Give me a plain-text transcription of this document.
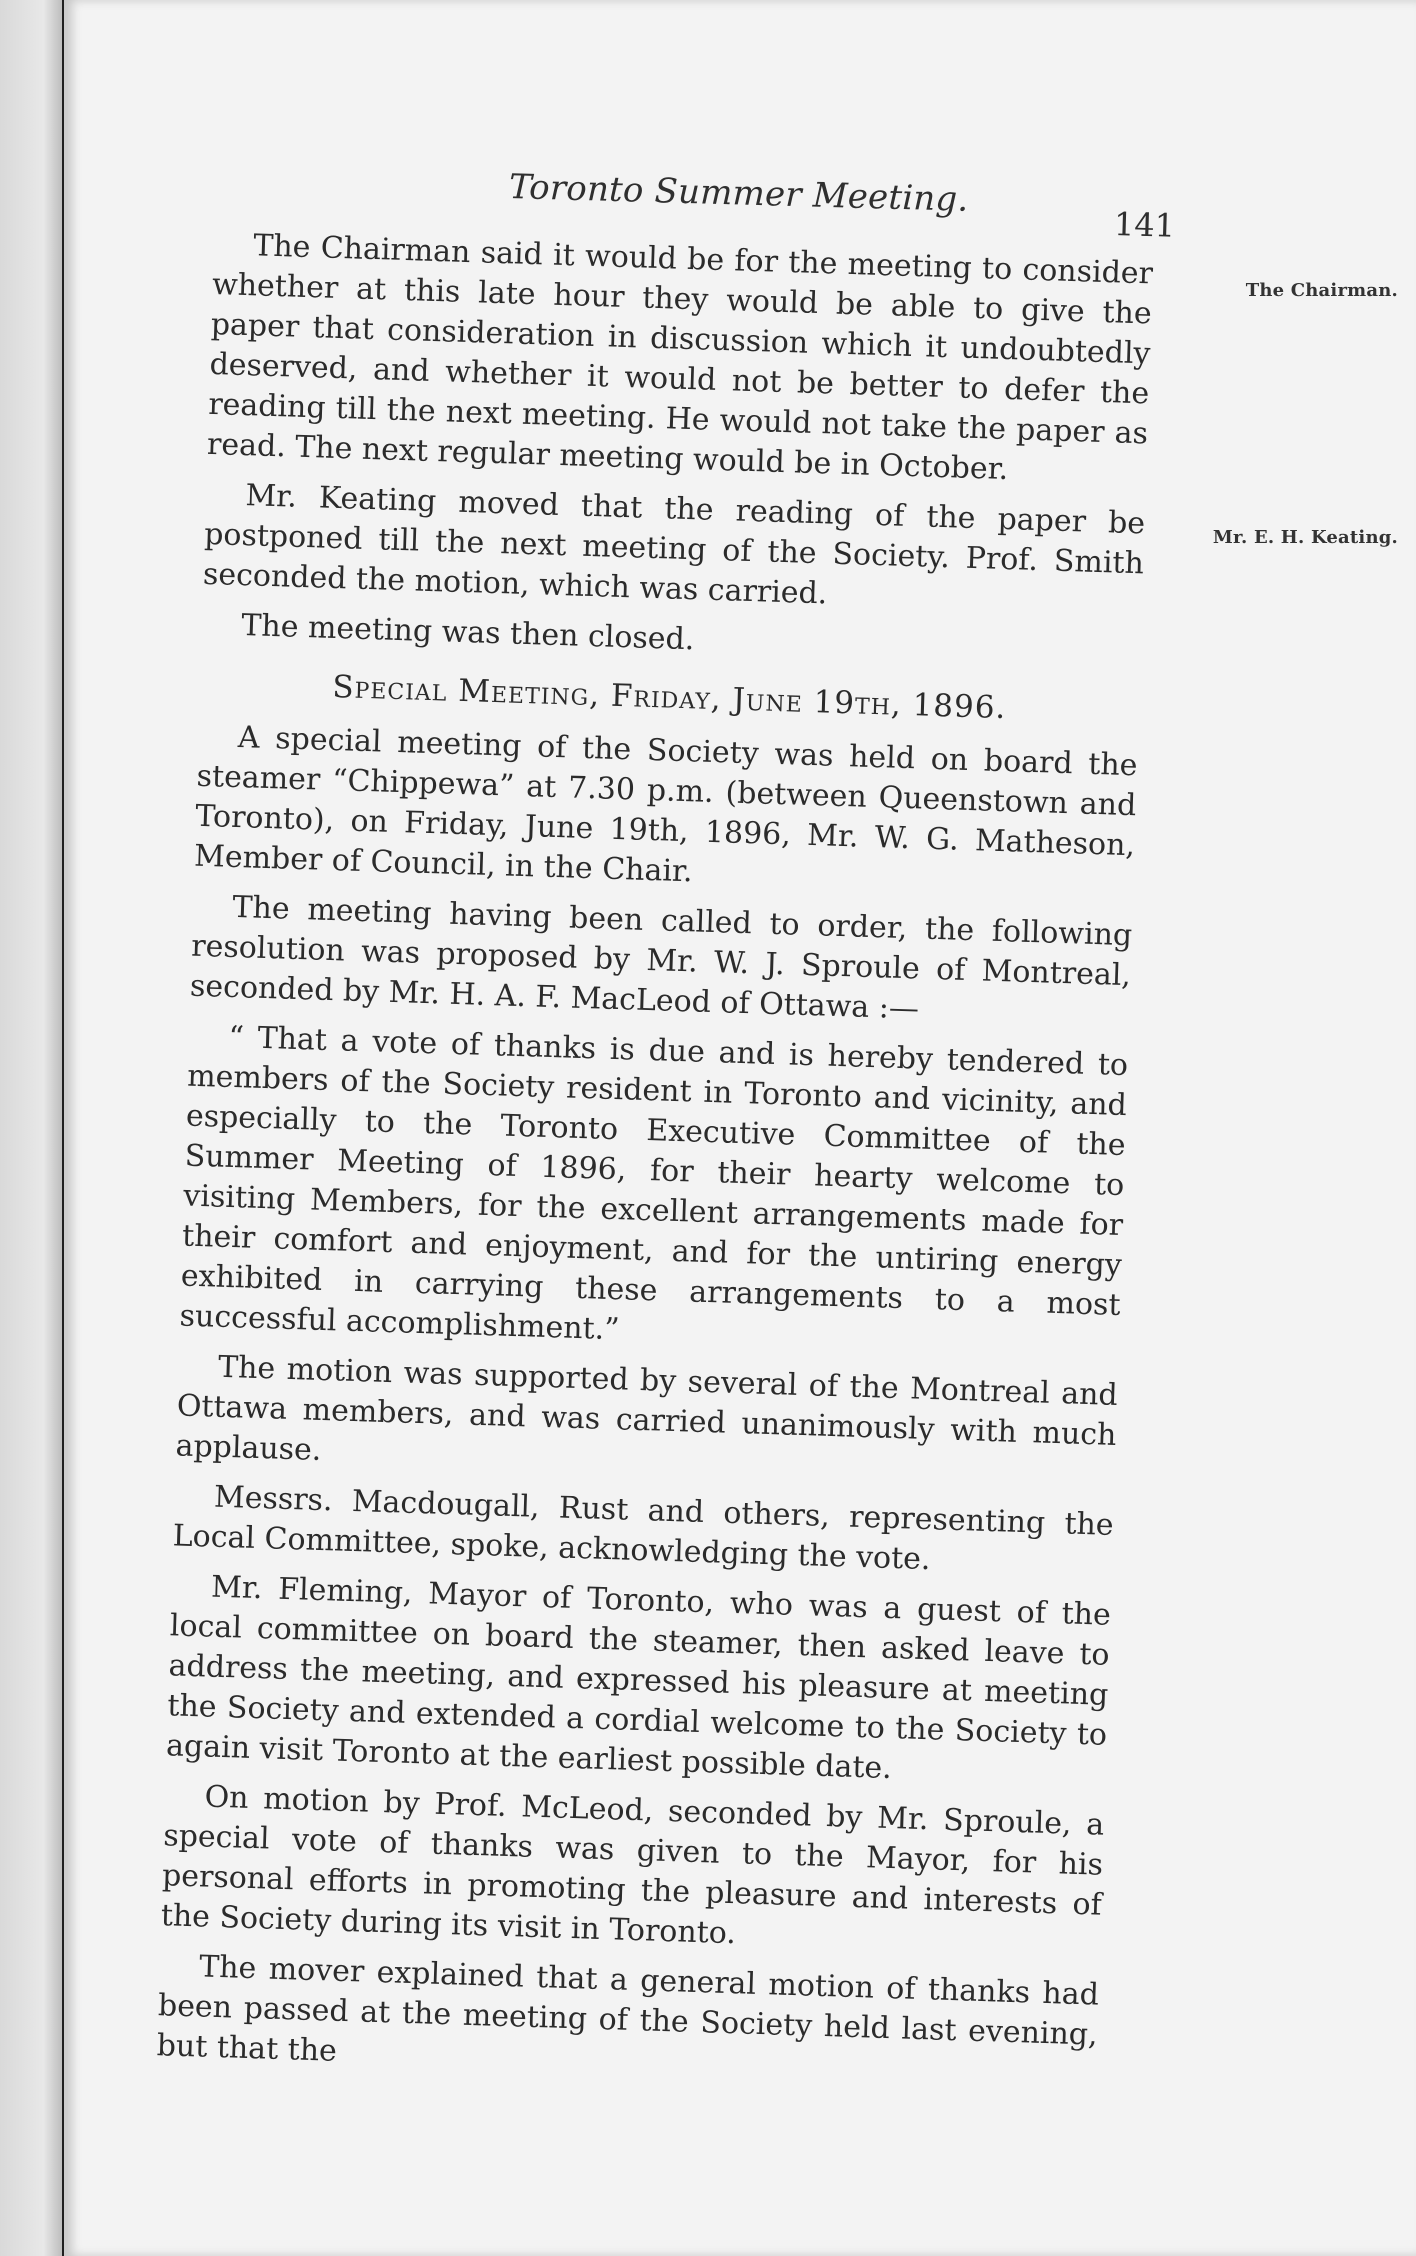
Toronto Summer Meeting.
141
The Chairman.
Mr. E. H. Keating.

The Chairman said it would be for the meeting to consider whether at this late hour they would be able to give the paper that consideration in discussion which it undoubtedly deserved, and whether it would not be better to defer the reading till the next meeting. He would not take the paper as read. The next regular meeting would be in October.

Mr. Keating moved that the reading of the paper be postponed till the next meeting of the Society. Prof. Smith seconded the motion, which was carried.

The meeting was then closed.

Special Meeting, Friday, June 19th, 1896.

A special meeting of the Society was held on board the steamer “Chippewa” at 7.30 p.m. (between Queenstown and Toronto), on Friday, June 19th, 1896, Mr. W. G. Matheson, Member of Council, in the Chair.

The meeting having been called to order, the following resolution was proposed by Mr. W. J. Sproule of Montreal, seconded by Mr. H. A. F. MacLeod of Ottawa :—

“ That a vote of thanks is due and is hereby tendered to members of the Society resident in Toronto and vicinity, and especially to the Toronto Executive Committee of the Summer Meeting of 1896, for their hearty welcome to visiting Members, for the excellent arrangements made for their comfort and enjoyment, and for the untiring energy exhibited in carrying these arrangements to a most successful accomplishment.”

The motion was supported by several of the Montreal and Ottawa members, and was carried unanimously with much applause.

Messrs. Macdougall, Rust and others, representing the Local Committee, spoke, acknowledging the vote.

Mr. Fleming, Mayor of Toronto, who was a guest of the local committee on board the steamer, then asked leave to address the meeting, and expressed his pleasure at meeting the Society and extended a cordial welcome to the Society to again visit Toronto at the earliest possible date.

On motion by Prof. McLeod, seconded by Mr. Sproule, a special vote of thanks was given to the Mayor, for his personal efforts in promoting the pleasure and interests of the Society during its visit in Toronto.

The mover explained that a general motion of thanks had been passed at the meeting of the Society held last evening, but that the
